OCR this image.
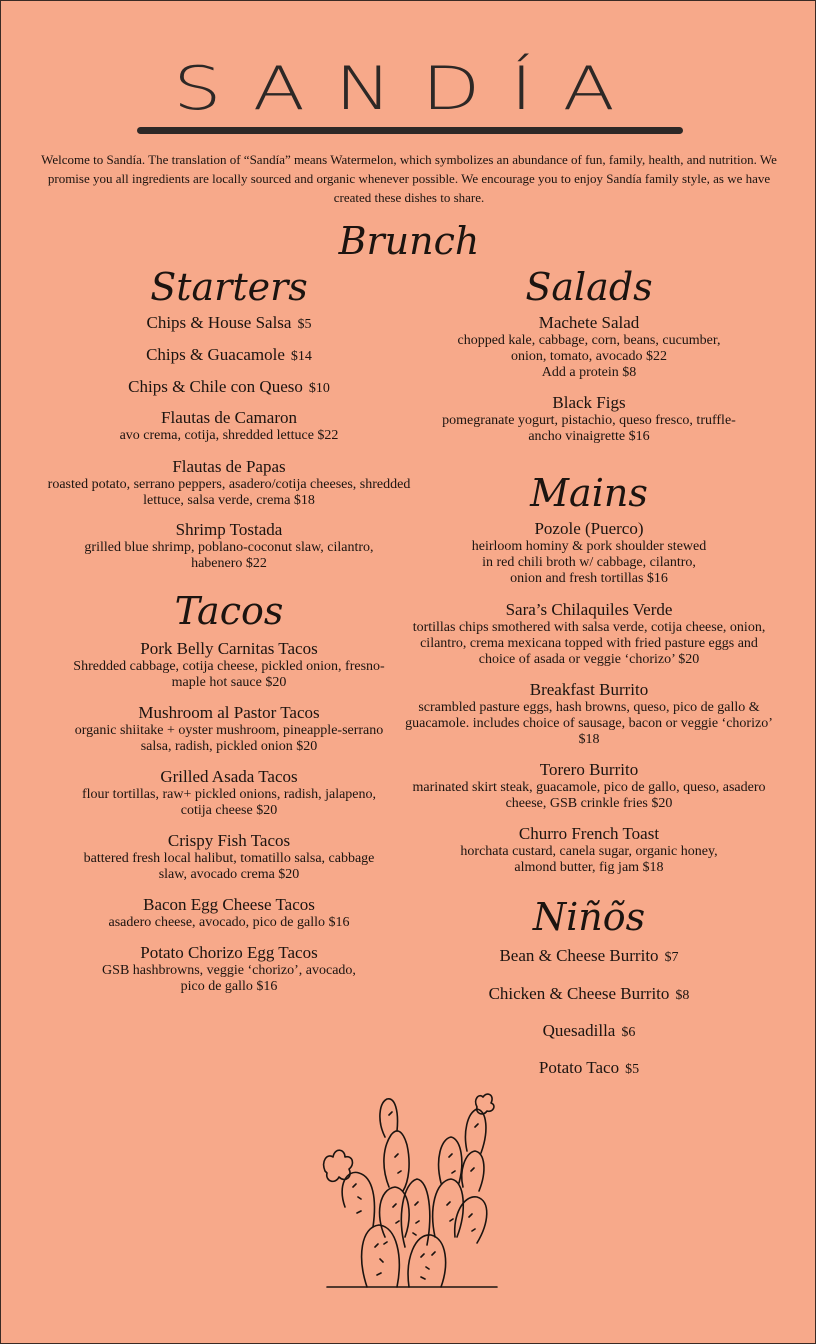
SANDÍA
Welcome to Sandía. The translation of “Sandía” means Watermelon, which symbolizes an abundance of fun, family, health, and nutrition. We promise you all ingredients are locally sourced and organic whenever possible. We encourage you to enjoy Sandía family style, as we have created these dishes to share.
Brunch
Starters
Chips & House Salsa $5
Chips & Guacamole $14
Chips & Chile con Queso $10
Flautas de Camaron
avo crema, cotija, shredded lettuce $22
Flautas de Papas
roasted potato, serrano peppers, asadero/cotija cheeses, shredded lettuce, salsa verde, crema $18
Shrimp Tostada
grilled blue shrimp, poblano-coconut slaw, cilantro, habenero $22
Tacos
Pork Belly Carnitas Tacos
Shredded cabbage, cotija cheese, pickled onion, fresno-maple hot sauce $20
Mushroom al Pastor Tacos
organic shiitake + oyster mushroom, pineapple-serrano salsa, radish, pickled onion $20
Grilled Asada Tacos
flour tortillas, raw+ pickled onions, radish, jalapeno, cotija cheese $20
Crispy Fish Tacos
battered fresh local halibut, tomatillo salsa, cabbage slaw, avocado crema $20
Bacon Egg Cheese Tacos
asadero cheese, avocado, pico de gallo $16
Potato Chorizo Egg Tacos
GSB hashbrowns, veggie ‘chorizo’, avocado, pico de gallo $16
Salads
Machete Salad
chopped kale, cabbage, corn, beans, cucumber, onion, tomato, avocado $22
Add a protein $8
Black Figs
pomegranate yogurt, pistachio, queso fresco, truffle-ancho vinaigrette $16
Mains
Pozole (Puerco)
heirloom hominy & pork shoulder stewed in red chili broth w/ cabbage, cilantro, onion and fresh tortillas $16
Sara’s Chilaquiles Verde
tortillas chips smothered with salsa verde, cotija cheese, onion, cilantro, crema mexicana topped with fried pasture eggs and choice of asada or veggie ‘chorizo’ $20
Breakfast Burrito
scrambled pasture eggs, hash browns, queso, pico de gallo & guacamole. includes choice of sausage, bacon or veggie ‘chorizo’ $18
Torero Burrito
marinated skirt steak, guacamole, pico de gallo, queso, asadero cheese, GSB crinkle fries $20
Churro French Toast
horchata custard, canela sugar, organic honey, almond butter, fig jam $18
Niñõs
Bean & Cheese Burrito $7
Chicken & Cheese Burrito $8
Quesadilla $6
Potato Taco $5
